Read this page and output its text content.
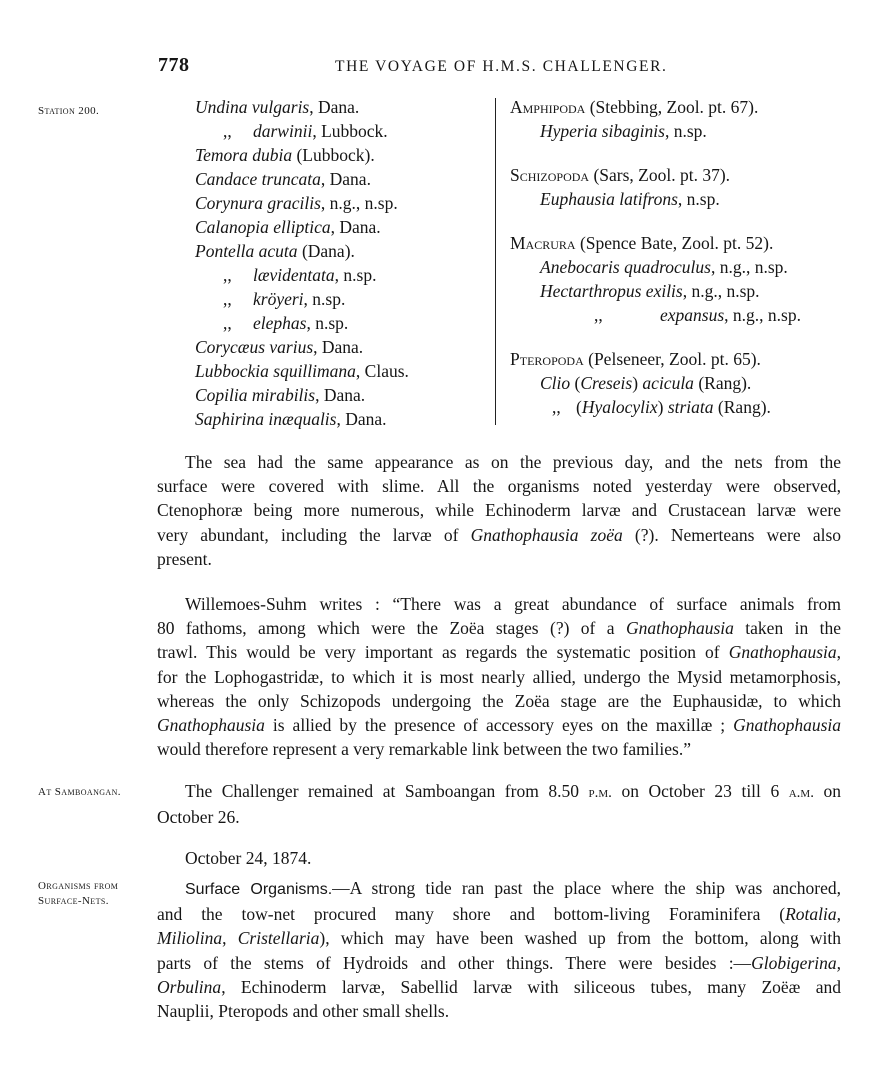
778	THE VOYAGE OF H.M.S. CHALLENGER.
Station 200.	Undina vulgaris, Dana.
,, darwinii, Lubbock.
Temora dubia (Lubbock).
Candace truncata, Dana.
Corynura gracilis, n.g., n.sp.
Calanopia elliptica, Dana.
Pontella acuta (Dana).
,, lævidentata, n.sp.
,, kröyeri, n.sp.
,, elephas, n.sp.
Corycæus varius, Dana.
Lubbockia squillimana, Claus.
Copilia mirabilis, Dana.
Saphirina inæqualis, Dana.
Amphipoda (Stebbing, Zool. pt. 67).
Hyperia sibaginis, n.sp.
Schizopoda (Sars, Zool. pt. 37).
Euphausia latifrons, n.sp.
Macrura (Spence Bate, Zool. pt. 52).
Anebocaris quadroculus, n.g., n.sp.
Hectarthropus exilis, n.g., n.sp.
,,	expansus, n.g., n.sp.
Pteropoda (Pelseneer, Zool. pt. 65).
Clio (Creseis) acicula (Rang).
,, (Hyalocylix) striata (Rang).
The sea had the same appearance as on the previous day, and the nets from the
surface were covered with slime. All the organisms noted yesterday were observed,
Ctenophoræ being more numerous, while Echinoderm larvæ and Crustacean larvæ were
very abundant, including the larvæ of Gnathophausia zoëa (?). Nemerteans were also
present.
Willemoes-Suhm writes : “There was a great abundance of surface animals from
80 fathoms, among which were the Zoëa stages (?) of a Gnathophausia taken in the
trawl. This would be very important as regards the systematic position of Gnathophausia,
for the Lophogastridæ, to which it is most nearly allied, undergo the Mysid metamorphosis,
whereas the only Schizopods undergoing the Zoëa stage are the Euphausidæ, to which
Gnathophausia is allied by the presence of accessory eyes on the maxillæ ; Gnathophausia
would therefore represent a very remarkable link between the two families.”
At Samboangan.	The Challenger remained at Samboangan from 8.50 p.m. on October 23 till 6 a.m. on
October 26.
October 24, 1874.
Organisms from
Surface-Nets.
Surface Organisms.—A strong tide ran past the place where the ship was anchored,
and the tow-net procured many shore and bottom-living Foraminifera (Rotalia,
Miliolina, Cristellaria), which may have been washed up from the bottom, along with
parts of the stems of Hydroids and other things. There were besides :—Globigerina,
Orbulina, Echinoderm larvæ, Sabellid larvæ with siliceous tubes, many Zoëæ and
Nauplii, Pteropods and other small shells.
